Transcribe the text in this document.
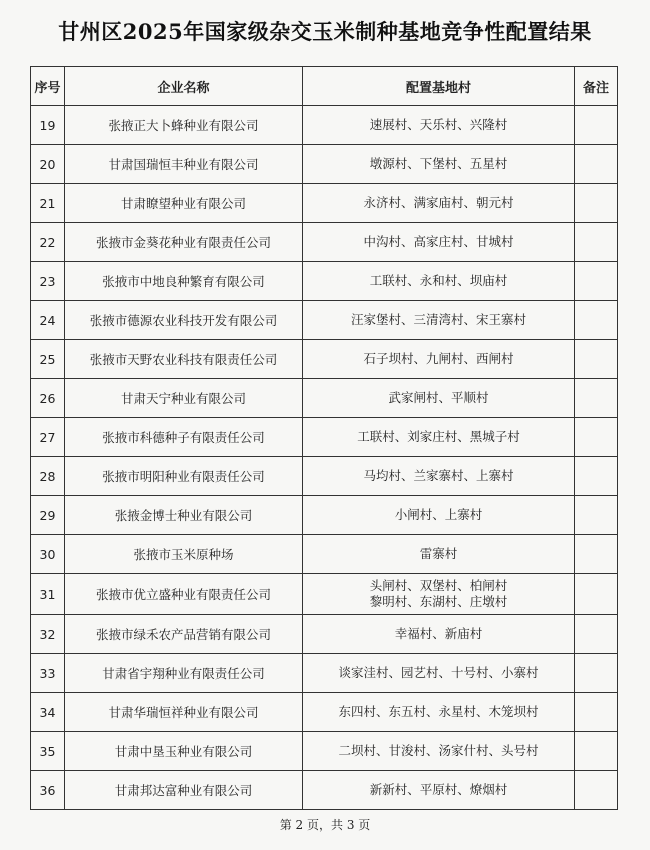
甘州区2025年国家级杂交玉米制种基地竞争性配置结果
序号	企业名称	配置基地村	备注
19	张掖正大卜蜂种业有限公司	速展村、天乐村、兴隆村	

20	甘肃国瑞恒丰种业有限公司	墩源村、下堡村、五星村	

21	甘肃瞭望种业有限公司	永济村、满家庙村、朝元村	

22	张掖市金葵花种业有限责任公司	中沟村、高家庄村、甘城村	

23	张掖市中地良种繁育有限公司	工联村、永和村、坝庙村	

24	张掖市德源农业科技开发有限公司	汪家堡村、三清湾村、宋王寨村	

25	张掖市天野农业科技有限责任公司	石子坝村、九闸村、西闸村	

26	甘肃天宁种业有限公司	武家闸村、平顺村	

27	张掖市科德种子有限责任公司	工联村、刘家庄村、黑城子村	

28	张掖市明阳种业有限责任公司	马均村、兰家寨村、上寨村	

29	张掖金博士种业有限公司	小闸村、上寨村	

30	张掖市玉米原种场	雷寨村	

31	张掖市优立盛种业有限责任公司	头闸村、双堡村、柏闸村
黎明村、东湖村、庄墩村	

32	张掖市绿禾农产品营销有限公司	幸福村、新庙村	

33	甘肃省宇翔种业有限责任公司	谈家洼村、园艺村、十号村、小寨村	

34	甘肃华瑞恒祥种业有限公司	东四村、东五村、永星村、木笼坝村	

35	甘肃中垦玉种业有限公司	二坝村、甘浚村、汤家什村、头号村	

36	甘肃邦达富种业有限公司	新新村、平原村、燎烟村	

第 2 页，共 3 页
